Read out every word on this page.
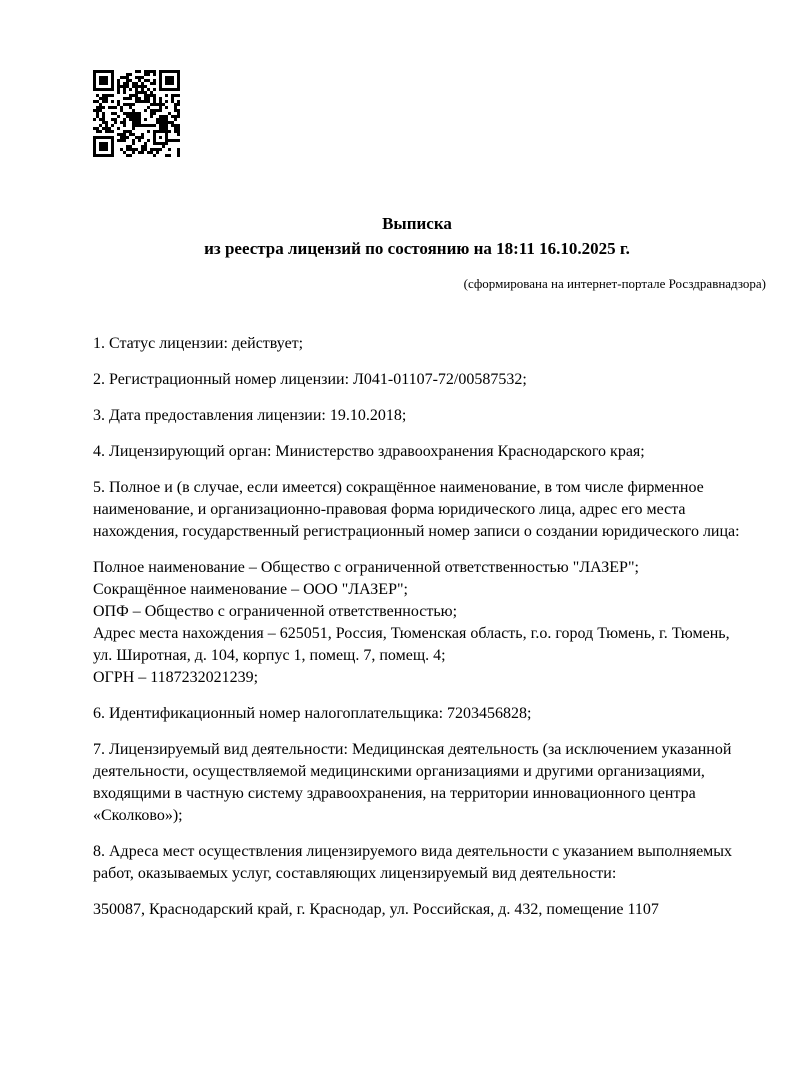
Выписка
из реестра лицензий по состоянию на 18:11 16.10.2025 г.
(сформирована на интернет-портале Росздравнадзора)

1. Статус лицензии: действует;

2. Регистрационный номер лицензии: Л041-01107-72/00587532;

3. Дата предоставления лицензии: 19.10.2018;

4. Лицензирующий орган: Министерство здравоохранения Краснодарского края;

5. Полное и (в случае, если имеется) сокращённое наименование, в том числе фирменное наименование, и организационно-правовая форма юридического лица, адрес его места нахождения, государственный регистрационный номер записи о создании юридического лица:

Полное наименование – Общество с ограниченной ответственностью "ЛАЗЕР";
Сокращённое наименование – ООО "ЛАЗЕР";
ОПФ – Общество с ограниченной ответственностью;
Адрес места нахождения – 625051, Россия, Тюменская область, г.о. город Тюмень, г. Тюмень, ул. Широтная, д. 104, корпус 1, помещ. 7, помещ. 4;
ОГРН – 1187232021239;

6. Идентификационный номер налогоплательщика: 7203456828;

7. Лицензируемый вид деятельности: Медицинская деятельность (за исключением указанной деятельности, осуществляемой медицинскими организациями и другими организациями, входящими в частную систему здравоохранения, на территории инновационного центра «Сколково»);

8. Адреса мест осуществления лицензируемого вида деятельности с указанием выполняемых работ, оказываемых услуг, составляющих лицензируемый вид деятельности:

350087, Краснодарский край, г. Краснодар, ул. Российская, д. 432, помещение 1107
